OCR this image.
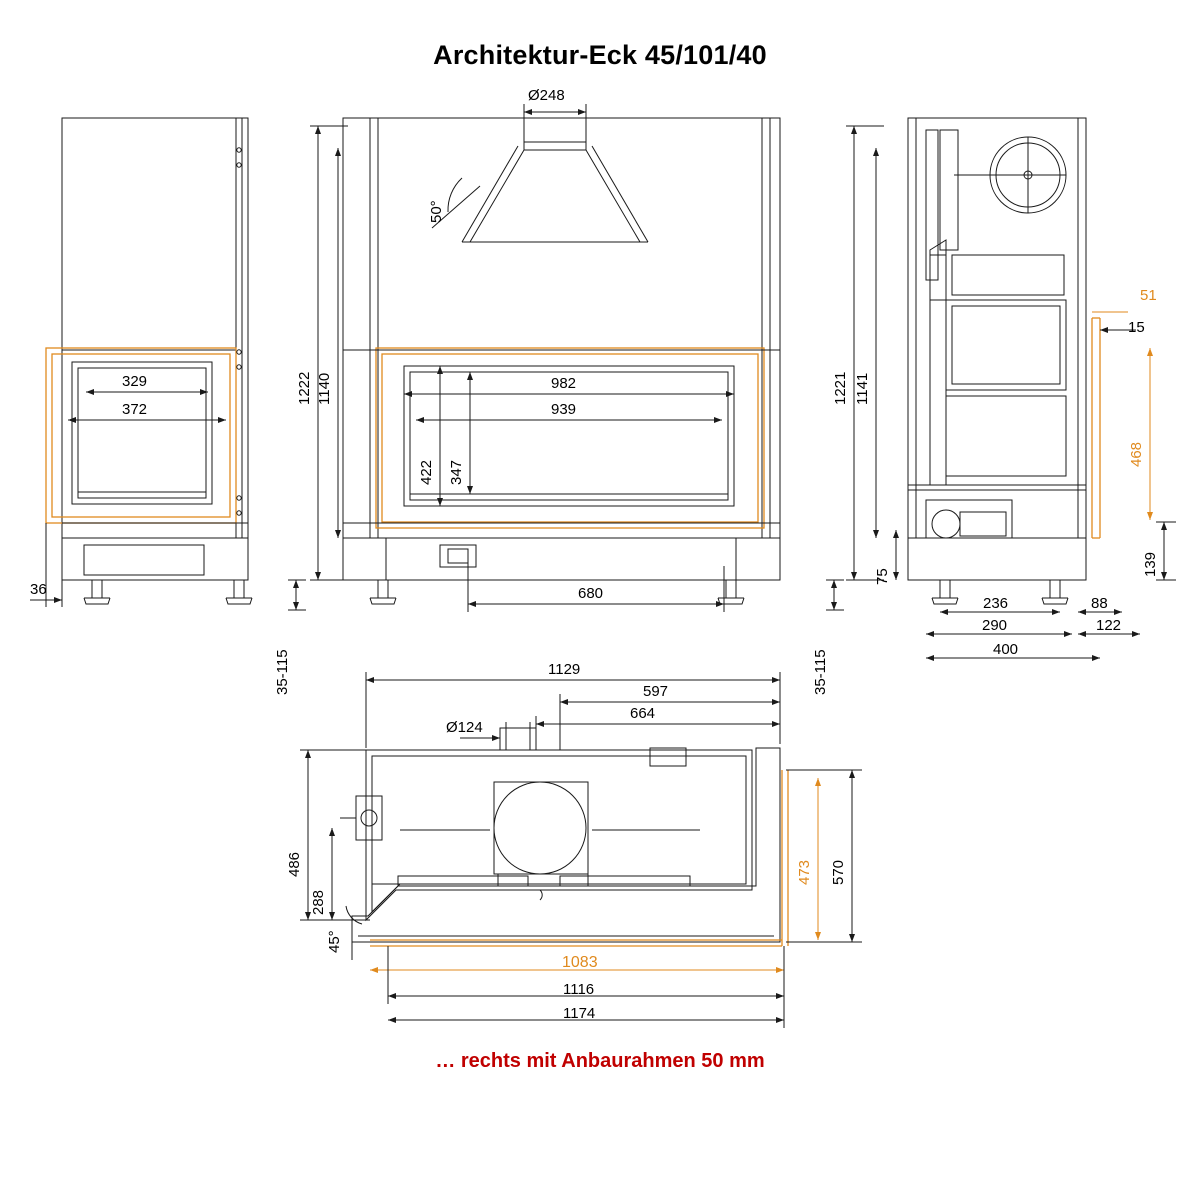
Architektur-Eck 45/101/40
329
372
36
Ø248
50°
1222 1140	982
939
422 347
680
35-115
1221 1141
51
15
468
139
75
236
290
88
122
400
35-115
1129
597
664
Ø124
486
288
45°
570
473
1083
1116
1174
… rechts mit Anbaurahmen 50 mm
